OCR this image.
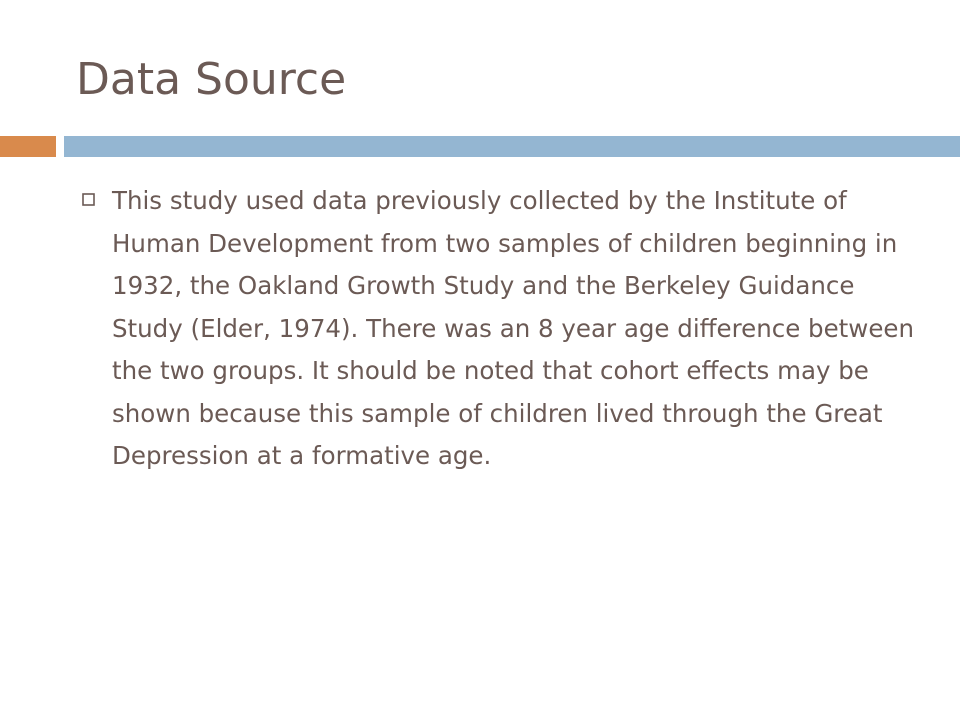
Data Source

This study used data previously collected by the Institute of Human Development from two samples of children beginning in 1932, the Oakland Growth Study and the Berkeley Guidance Study (Elder, 1974). There was an 8 year age difference between the two groups. It should be noted that cohort effects may be shown because this sample of children lived through the Great Depression at a formative age.
